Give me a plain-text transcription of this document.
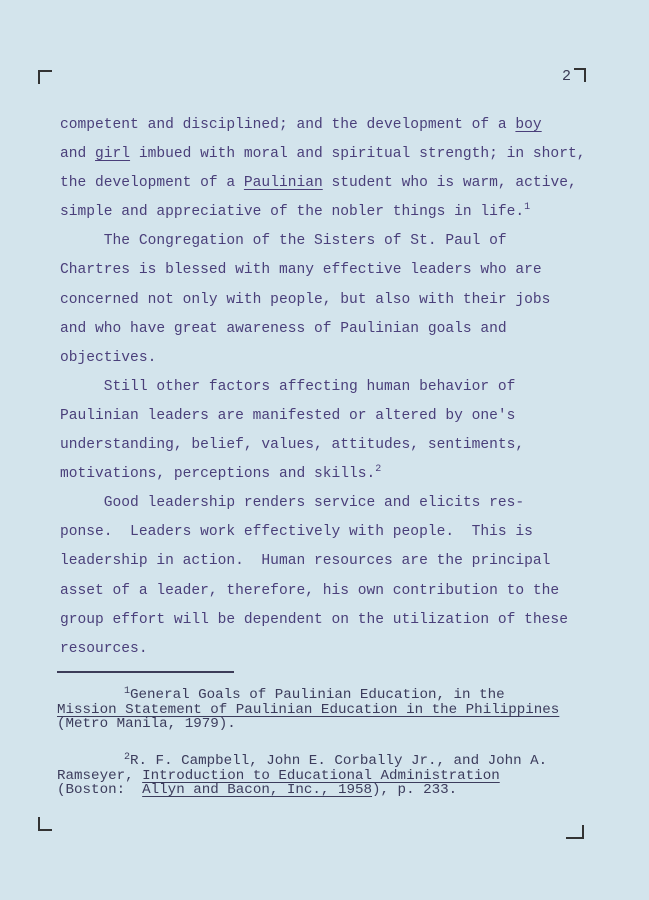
2
competent and disciplined; and the development of a boy
and girl imbued with moral and spiritual strength; in short,
the development of a Paulinian student who is warm, active,
simple and appreciative of the nobler things in life.$^1$
The Congregation of the Sisters of St. Paul of
Chartres is blessed with many effective leaders who are
concerned not only with people, but also with their jobs
and who have great awareness of Paulinian goals and
objectives.
Still other factors affecting human behavior of
Paulinian leaders are manifested or altered by one's
understanding, belief, values, attitudes, sentiments,
motivations, perceptions and skills.$^2$
Good leadership renders service and elicits res-
ponse.  Leaders work effectively with people.  This is
leadership in action.  Human resources are the principal
asset of a leader, therefore, his own contribution to the
group effort will be dependent on the utilization of these
resources.
$^1$General Goals of Paulinian Education, in the
Mission Statement of Paulinian Education in the Philippines
(Metro Manila, 1979).
$^2$R. F. Campbell, John E. Corbally Jr., and John A.
Ramseyer, Introduction to Educational Administration
(Boston:  Allyn and Bacon, Inc., 1958), p. 233.
